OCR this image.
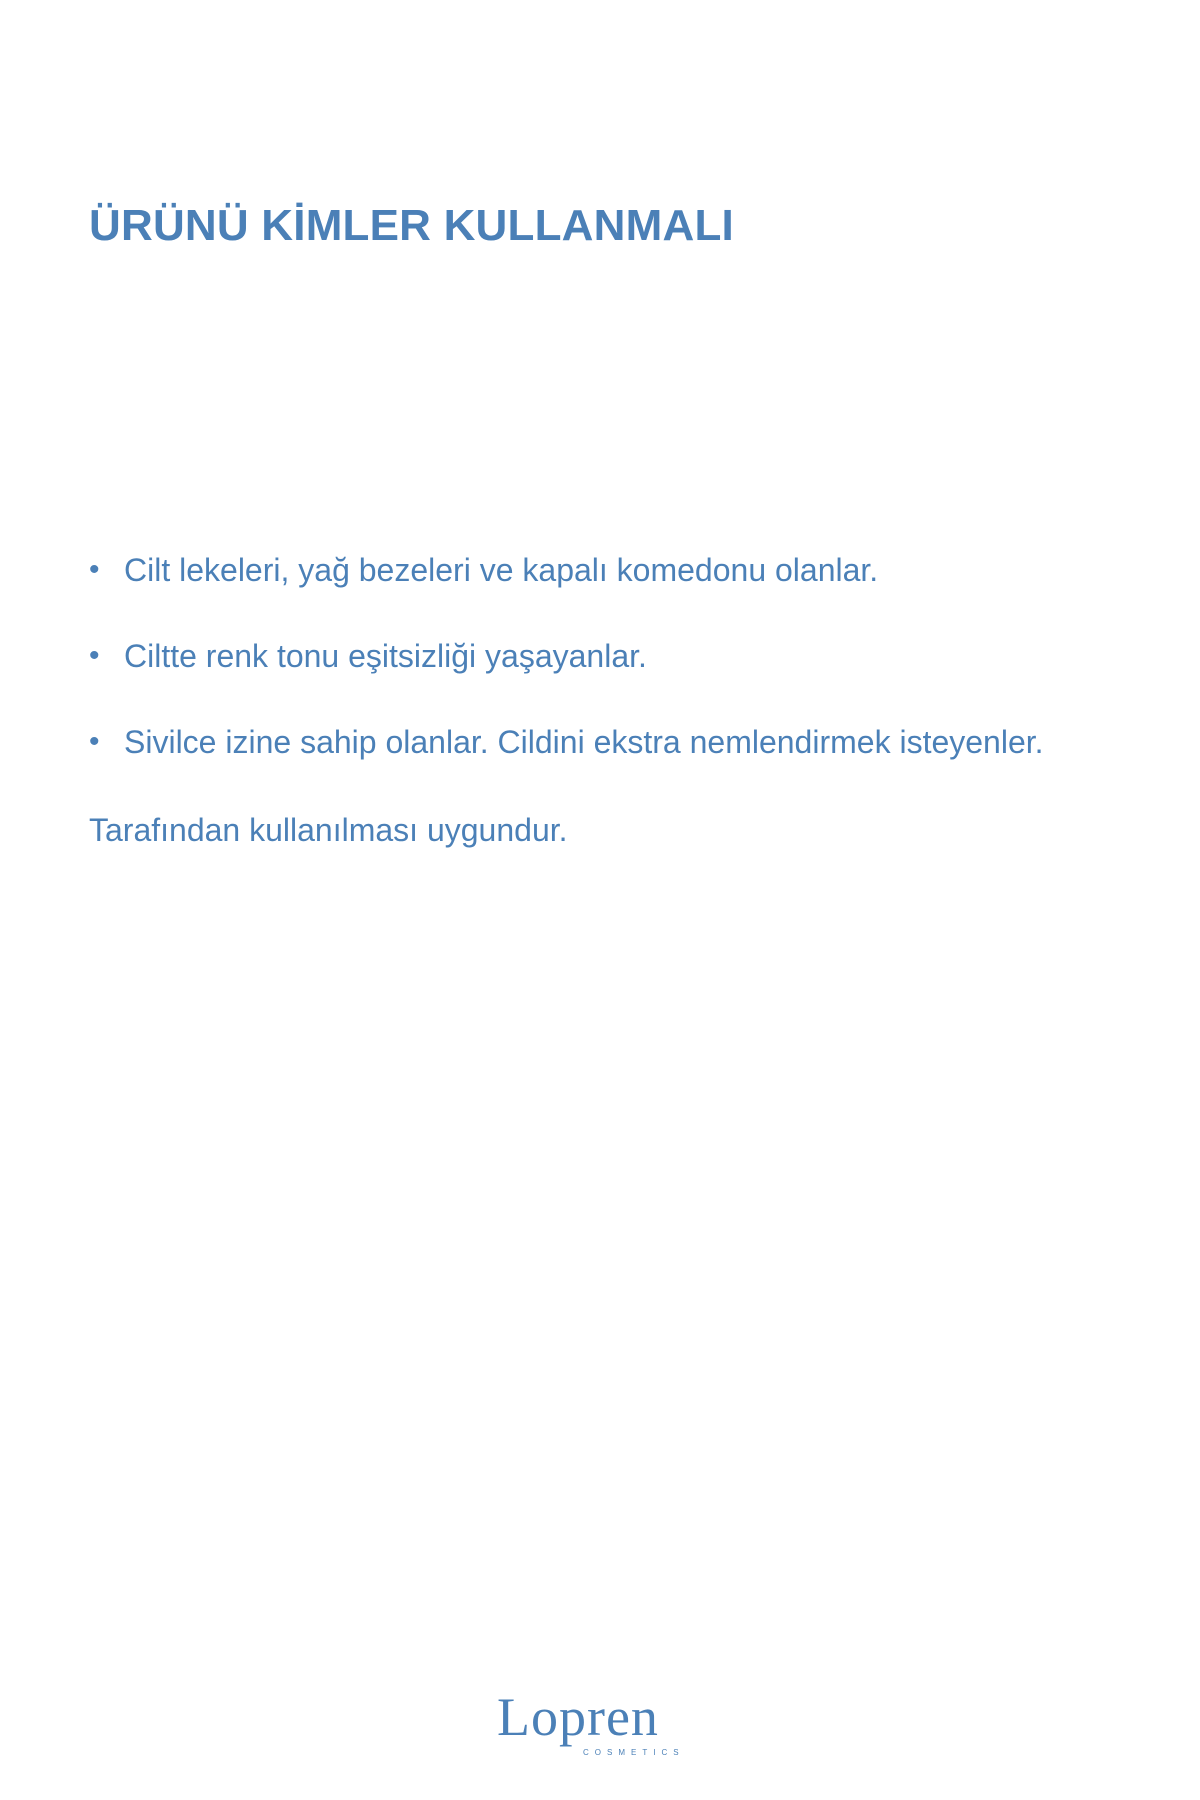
ÜRÜNÜ KİMLER KULLANMALI
• Cilt lekeleri, yağ bezeleri ve kapalı komedonu olanlar.
• Ciltte renk tonu eşitsizliği yaşayanlar.
• Sivilce izine sahip olanlar. Cildini ekstra nemlendirmek isteyenler.

Tarafından kullanılması uygundur.

Lopren
COSMETICS
